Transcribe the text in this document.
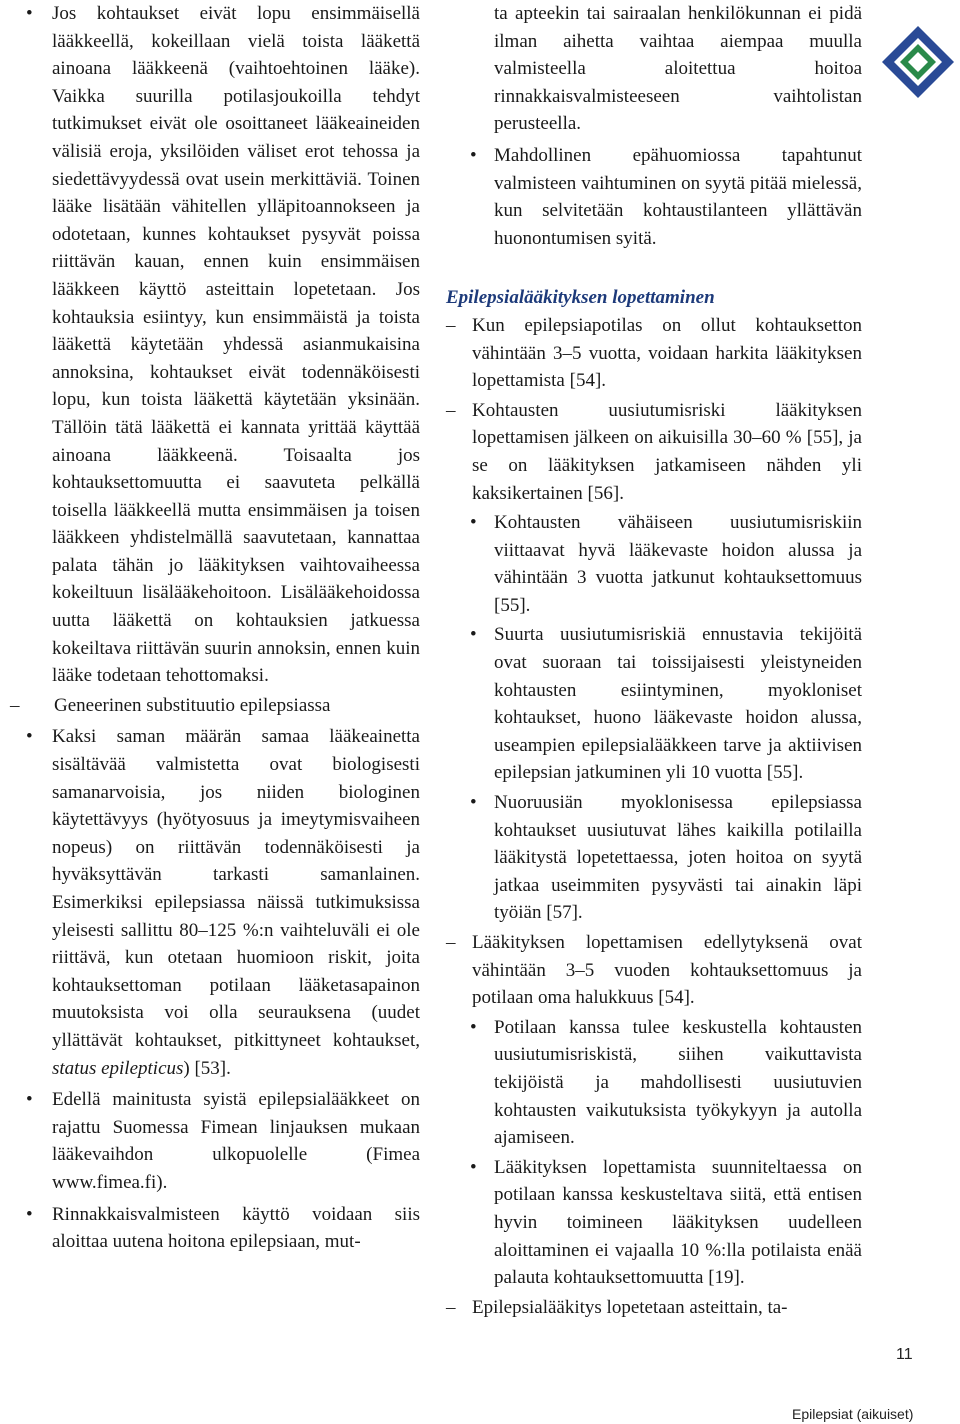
• Jos kohtaukset eivät lopu ensimmäisellä lääkkeellä, kokeillaan vielä toista lääkettä ainoana lääkkeenä (vaihtoehtoinen lääke). Vaikka suurilla potilasjoukoilla tehdyt tutkimukset eivät ole osoittaneet lääkeaineiden välisiä eroja, yksilöiden väliset erot tehossa ja siedettävyydessä ovat usein merkittäviä. Toinen lääke lisätään vähitellen ylläpitoannokseen ja odotetaan, kunnes kohtaukset pysyvät poissa riittävän kauan, ennen kuin ensimmäisen lääkkeen käyttö asteittain lopetetaan. Jos kohtauksia esiintyy, kun ensimmäistä ja toista lääkettä käytetään yhdessä asianmukaisina annoksina, kohtaukset eivät todennäköisesti lopu, kun toista lääkettä käytetään yksinään. Tällöin tätä lääkettä ei kannata yrittää käyttää ainoana lääkkeenä. Toisaalta jos kohtauksettomuutta ei saavuteta pelkällä toisella lääkkeellä mutta ensimmäisen ja toisen lääkkeen yhdistelmällä saavutetaan, kannattaa palata tähän jo lääkityksen vaihtovaiheessa kokeiltuun lisälääkehoitoon. Lisälääkehoidossa uutta lääkettä on kohtauksien jatkuessa kokeiltava riittävän suurin annoksin, ennen kuin lääke todetaan tehottomaksi.

– Geneerinen substituutio epilepsiassa

• Kaksi saman määrän samaa lääkeainetta sisältävää valmistetta ovat biologisesti samanarvoisia, jos niiden biologinen käytettävyys (hyötyosuus ja imeytymisvaiheen nopeus) on riittävän todennäköisesti ja hyväksyttävän tarkasti samanlainen. Esimerkiksi epilepsiassa näissä tutkimuksissa yleisesti sallittu 80–125 %:n vaihteluväli ei ole riittävä, kun otetaan huomioon riskit, joita kohtauksettoman potilaan lääketasapainon muutoksista voi olla seurauksena (uudet yllättävät kohtaukset, pitkittyneet kohtaukset, status epilepticus) [53].

• Edellä mainitusta syistä epilepsialääkkeet on rajattu Suomessa Fimean linjauksen mukaan lääkevaihdon ulkopuolelle (Fimea www.fimea.fi).

• Rinnakkaisvalmisteen käyttö voidaan siis aloittaa uutena hoitona epilepsiaan, mut-

ta apteekin tai sairaalan henkilökunnan ei pidä ilman aihetta vaihtaa aiempaa muulla valmisteella aloitettua hoitoa rinnakkaisvalmisteeseen vaihtolistan perusteella.

• Mahdollinen epähuomiossa tapahtunut valmisteen vaihtuminen on syytä pitää mielessä, kun selvitetään kohtaustilanteen yllättävän huonontumisen syitä.

Epilepsialääkityksen lopettaminen

– Kun epilepsiapotilas on ollut kohtauksetton vähintään 3–5 vuotta, voidaan harkita lääkityksen lopettamista [54].

– Kohtausten uusiutumisriski lääkityksen lopettamisen jälkeen on aikuisilla 30–60 % [55], ja se on lääkityksen jatkamiseen nähden yli kaksikertainen [56].

• Kohtausten vähäiseen uusiutumisriskiin viittaavat hyvä lääkevaste hoidon alussa ja vähintään 3 vuotta jatkunut kohtauksettomuus [55].

• Suurta uusiutumisriskiä ennustavia tekijöitä ovat suoraan tai toissijaisesti yleistyneiden kohtausten esiintyminen, myokloniset kohtaukset, huono lääkevaste hoidon alussa, useampien epilepsialääkkeen tarve ja aktiivisen epilepsian jatkuminen yli 10 vuotta [55].

• Nuoruusiän myoklonisessa epilepsiassa kohtaukset uusiutuvat lähes kaikilla potilailla lääkitystä lopetettaessa, joten hoitoa on syytä jatkaa useimmiten pysyvästi tai ainakin läpi työiän [57].

– Lääkityksen lopettamisen edellytyksenä ovat vähintään 3–5 vuoden kohtauksettomuus ja potilaan oma halukkuus [54].

• Potilaan kanssa tulee keskustella kohtausten uusiutumisriskistä, siihen vaikuttavista tekijöistä ja mahdollisesti uusiutuvien kohtausten vaikutuksista työkykyyn ja autolla ajamiseen.

• Lääkityksen lopettamista suunniteltaessa on potilaan kanssa keskusteltava siitä, että entisen hyvin toimineen lääkityksen uudelleen aloittaminen ei vajaalla 10 %:lla potilaista enää palauta kohtauksettomuutta [19].

– Epilepsialääkitys lopetetaan asteittain, ta-

11
Epilepsiat (aikuiset)
